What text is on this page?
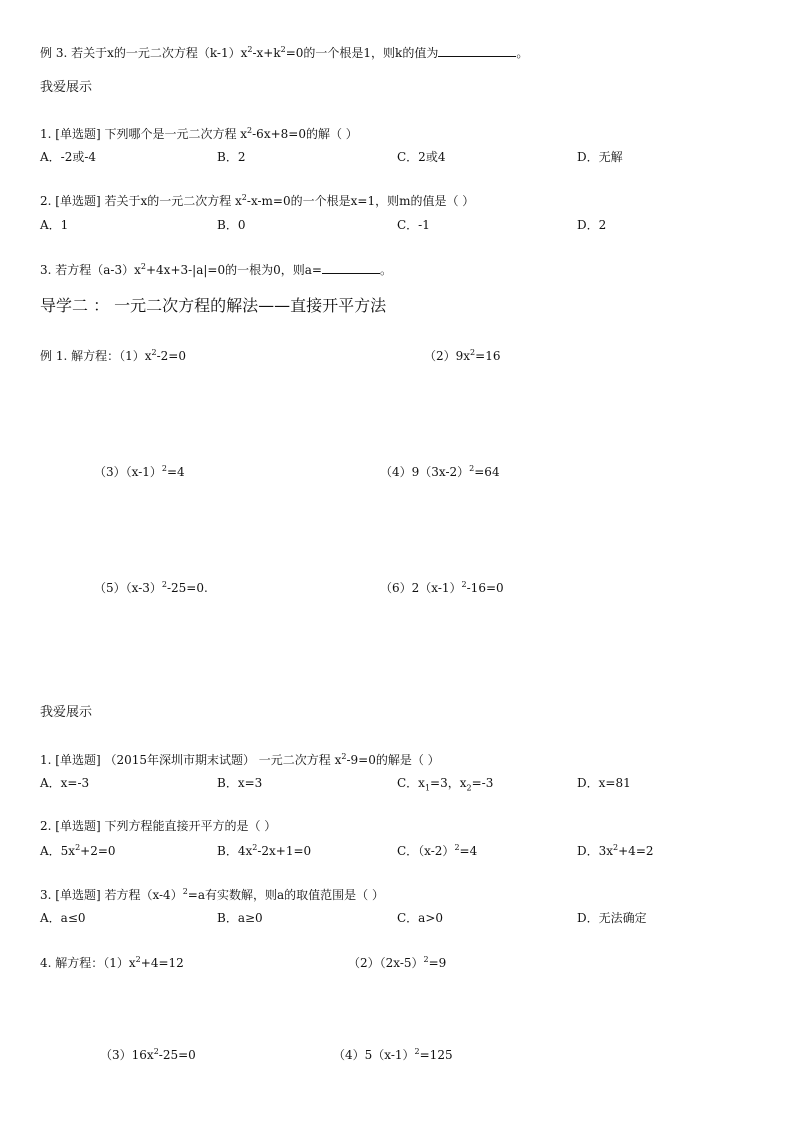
例 3. 若关于x的一元二次方程$(k-1)x^2-x+k^2=0$的一个根是1，则k的值为	。
我爱展示
1. [单选题] 下列哪个是一元二次方程 $x^2-6x+8=0$的解（ ）
A．-2或-4	B．2	C．2或4	D．无解
2. [单选题] 若关于x的一元二次方程 $x^2-x-m=0$的一个根是x=1，则m的值是（ ）
A．1	B．0	C．-1	D．2
3. 若方程$(a-3)x^2+4x+3-|a|=0$的一根为0，则a=	。
导学二 ： 一元二次方程的解法——直接开平方法
例 1. 解方程：$(1)x^2-2=0$	$(2)9x^2=16$
$(3)(x-1)^2=4$	$(4)9(3x-2)^2=64$
$(5)(x-3)^2-25=0$.	$(6)2(x-1)^2-16=0$
我爱展示
1. [单选题] （2015年深圳市期末试题） 一元二次方程 $x^2-9=0$的解是（ ）
A．x=-3	B．x=3	C．$x_1=3$，$x_2=-3$	D．x=81
2. [单选题] 下列方程能直接开平方的是（ ）
A．$5x^2+2=0$	B．$4x^2-2x+1=0$	C．$(x-2)^2=4$	D．$3x^2+4=2$
3. [单选题] 若方程$(x-4)^2=a$有实数解，则a的取值范围是（ ）
A．a≤0	B．a≥0	C．a>0	D．无法确定
4. 解方程：$(1)x^2+4=12$	$(2)(2x-5)^2=9$
$(3)16x^2-25=0$	$(4)5(x-1)^2=125$
